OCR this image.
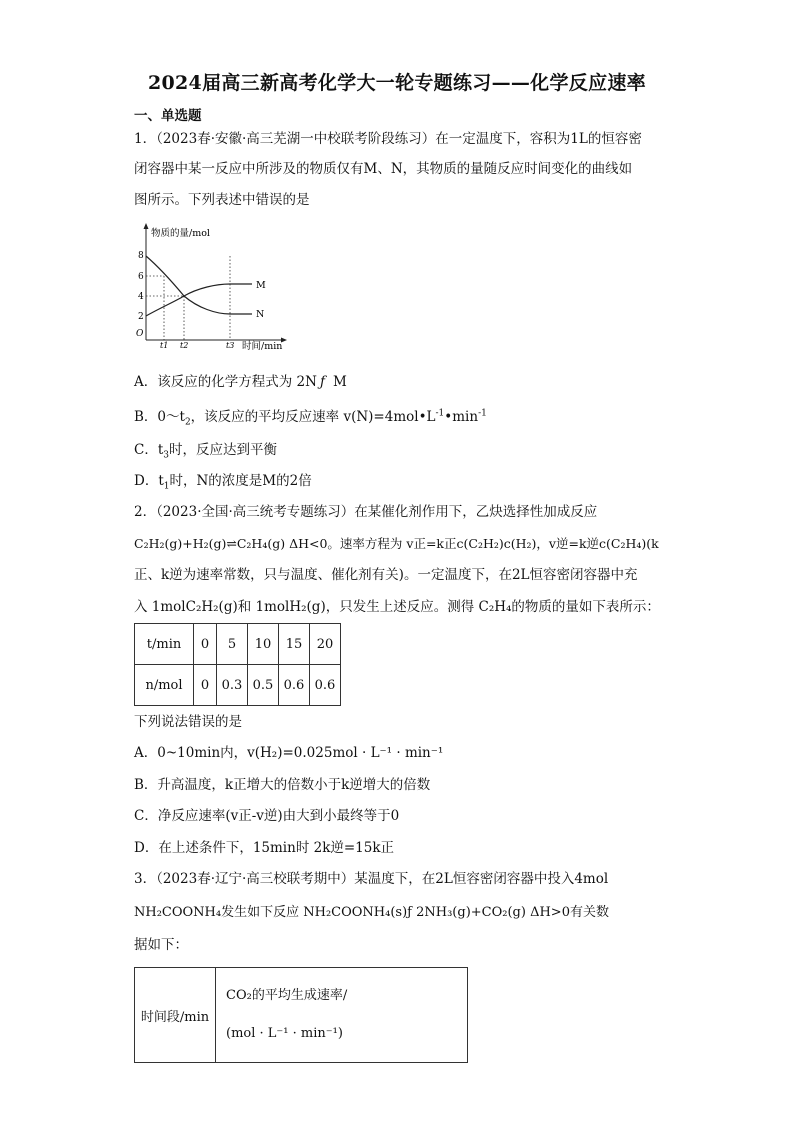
2024届高三新高考化学大一轮专题练习——化学反应速率
一、单选题
1．（2023春·安徽·高三芜湖一中校联考阶段练习）在一定温度下，容积为1L的恒容密
闭容器中某一反应中所涉及的物质仅有M、N，其物质的量随反应时间变化的曲线如
图所示。下列表述中错误的是
物质的量/mol
时间/min
O
8
6
4
2
M
N
t1 t2	t3
A．该反应的化学方程式为 2N ƒ M
B．$0\sim t_2$，该反应的平均反应速率 $v(N)=4mol•L^{-1}•\min^{-1}$
C．$t_3$时，反应达到平衡
D．$t_1$时，N的浓度是M的2倍
2．（2023·全国·高三统考专题练习）在某催化剂作用下，乙炔选择性加成反应
C₂H₂(g)+H₂(g)⇌C₂H₄(g) ΔH<0。速率方程为 v正=k正c(C₂H₂)c(H₂)，v逆=k逆c(C₂H₄)(k
正、k逆为速率常数，只与温度、催化剂有关)。一定温度下，在2L恒容密闭容器中充
入 1molC₂H₂(g)和 1molH₂(g)，只发生上述反应。测得 C₂H₄的物质的量如下表所示：
t/min	0	5	10	15	20
n/mol	0	0.3	0.5	0.6	0.6
下列说法错误的是
A．0~10min内，v(H₂)=0.025mol · L⁻¹ · min⁻¹
B．升高温度，k正增大的倍数小于k逆增大的倍数
C．净反应速率(v正-v逆)由大到小最终等于0
D．在上述条件下，15min时 2k逆=15k正
3．（2023春·辽宁·高三校联考期中）某温度下，在2L恒容密闭容器中投入4mol
NH₂COONH₄发生如下反应 NH₂COONH₄(s)ƒ 2NH₃(g)+CO₂(g) ΔH>0有关数
据如下：
时间段/min	
CO₂的平均生成速率/
(mol · L⁻¹ · min⁻¹)
